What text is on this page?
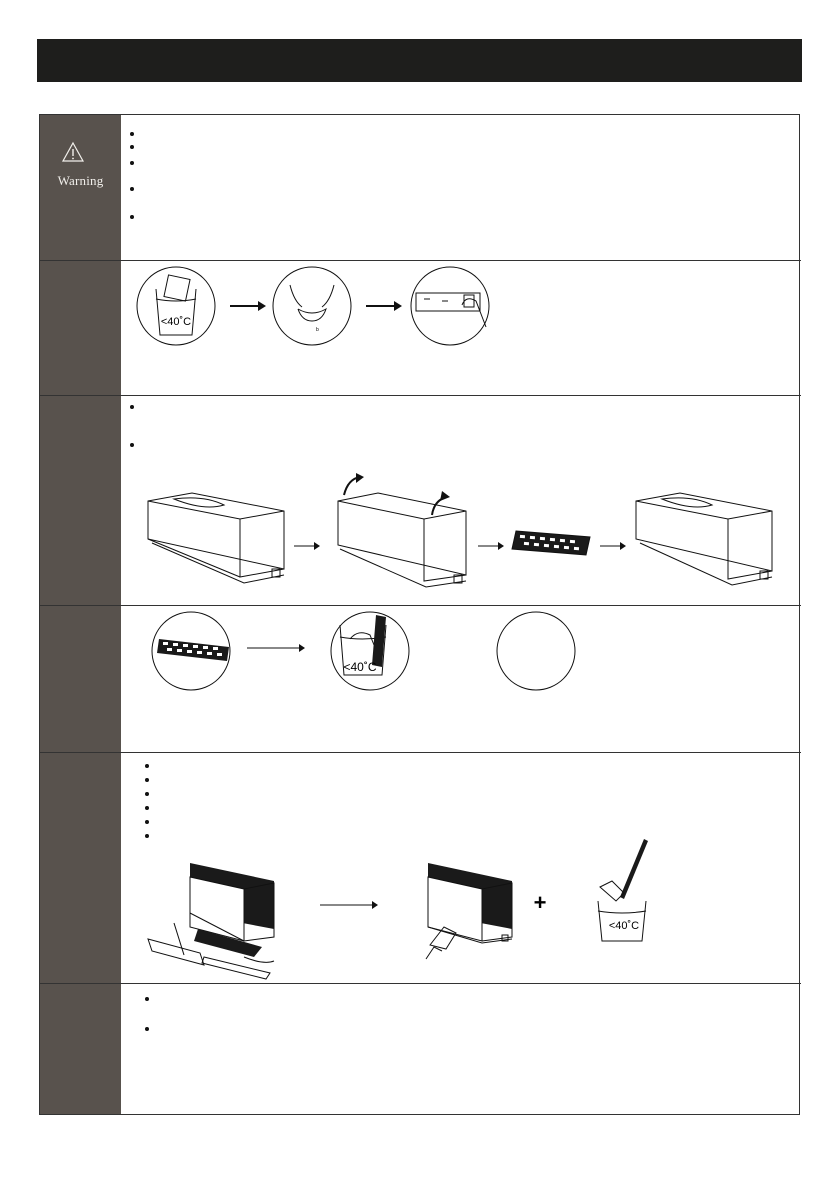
Warning
<40˚C
b
<40˚C
+
<40˚C
